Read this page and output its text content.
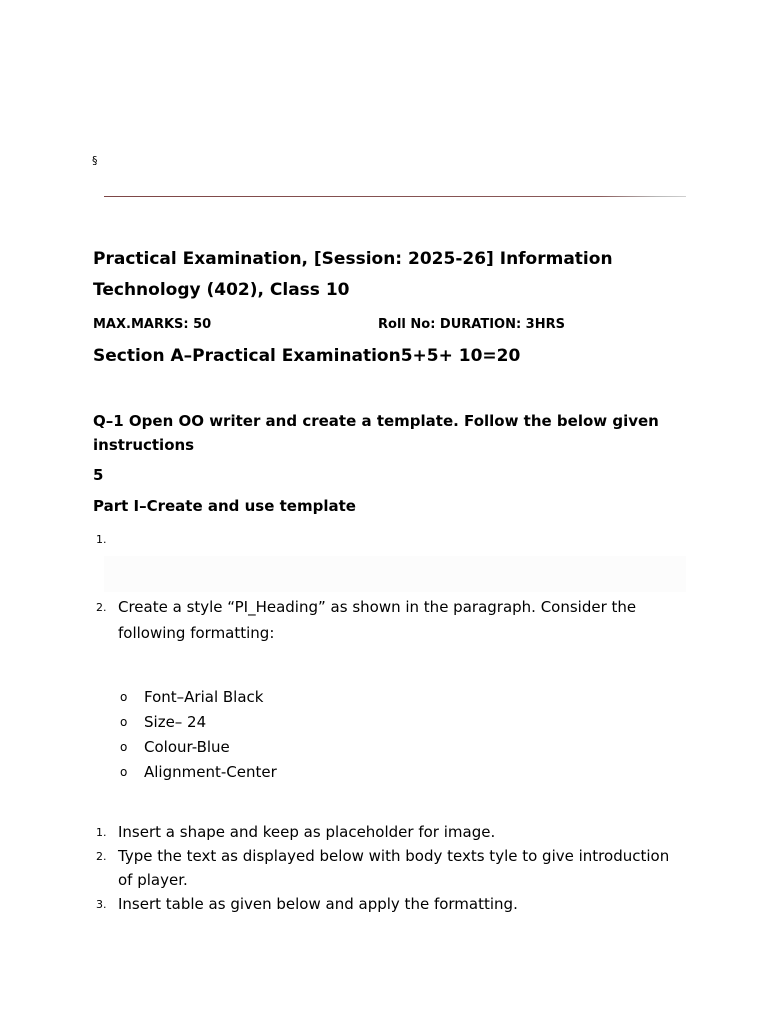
§
Practical Examination, [Session: 2025-26] Information Technology (402), Class 10
MAX.MARKS: 50	Roll No: DURATION: 3HRS
Section A–Practical Examination5+5+ 10=20
Q–1 Open OO writer and create a template. Follow the below given instructions
5
Part I–Create and use template
1.
2. Create a style “PI_Heading” as shown in the paragraph. Consider the following formatting:
o Font–Arial Black
o Size– 24
o Colour-Blue
o Alignment-Center
1. Insert a shape and keep as placeholder for image.
2. Type the text as displayed below with body texts tyle to give introduction of player.
3. Insert table as given below and apply the formatting.
